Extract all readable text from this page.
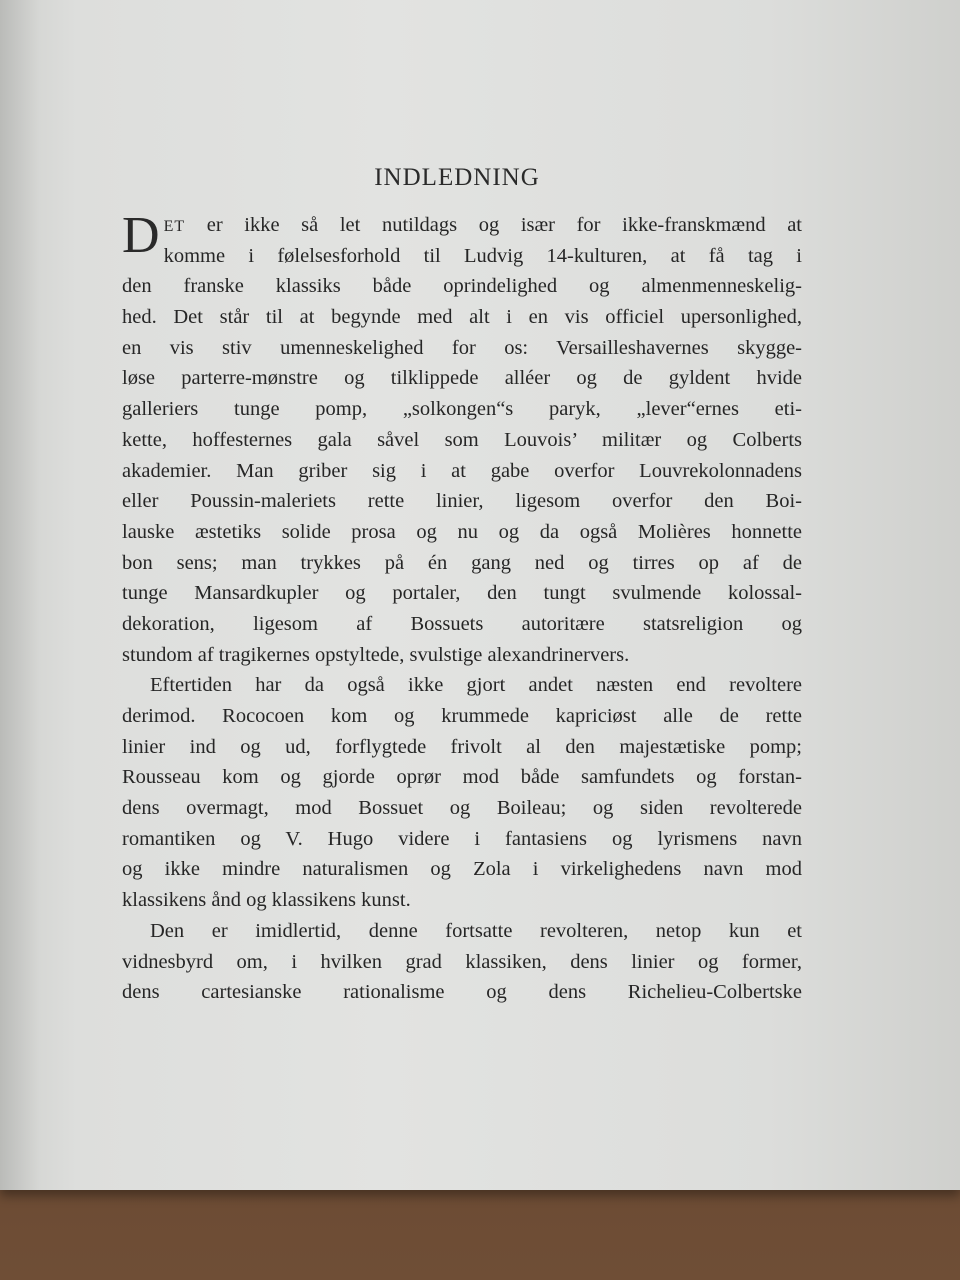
INDLEDNING
D ET er ikke så let nutildags og især for ikke-franskmænd at
komme i følelsesforhold til Ludvig 14-kulturen, at få tag i
den franske klassiks både oprindelighed og almenmenneskelig-
hed. Det står til at begynde med alt i en vis officiel upersonlighed,
en vis stiv umenneskelighed for os: Versailleshavernes skygge-
løse parterre-mønstre og tilklippede alléer og de gyldent hvide
galleriers tunge pomp, „solkongen“s paryk, „lever“ernes eti-
kette, hoffesternes gala såvel som Louvois’ militær og Colberts
akademier. Man griber sig i at gabe overfor Louvrekolonnadens
eller Poussin-maleriets rette linier, ligesom overfor den Boi-
lauske æstetiks solide prosa og nu og da også Molières honnette
bon sens; man trykkes på én gang ned og tirres op af de
tunge Mansardkupler og portaler, den tungt svulmende kolossal-
dekoration, ligesom af Bossuets autoritære statsreligion og
stundom af tragikernes opstyltede, svulstige alexandrinervers.
Eftertiden har da også ikke gjort andet næsten end revoltere
derimod. Rococoen kom og krummede kapriciøst alle de rette
linier ind og ud, forflygtede frivolt al den majestætiske pomp;
Rousseau kom og gjorde oprør mod både samfundets og forstan-
dens overmagt, mod Bossuet og Boileau; og siden revolterede
romantiken og V. Hugo videre i fantasiens og lyrismens navn
og ikke mindre naturalismen og Zola i virkelighedens navn mod
klassikens ånd og klassikens kunst.
Den er imidlertid, denne fortsatte revolteren, netop kun et
vidnesbyrd om, i hvilken grad klassiken, dens linier og former,
dens cartesianske rationalisme og dens Richelieu-Colbertske
